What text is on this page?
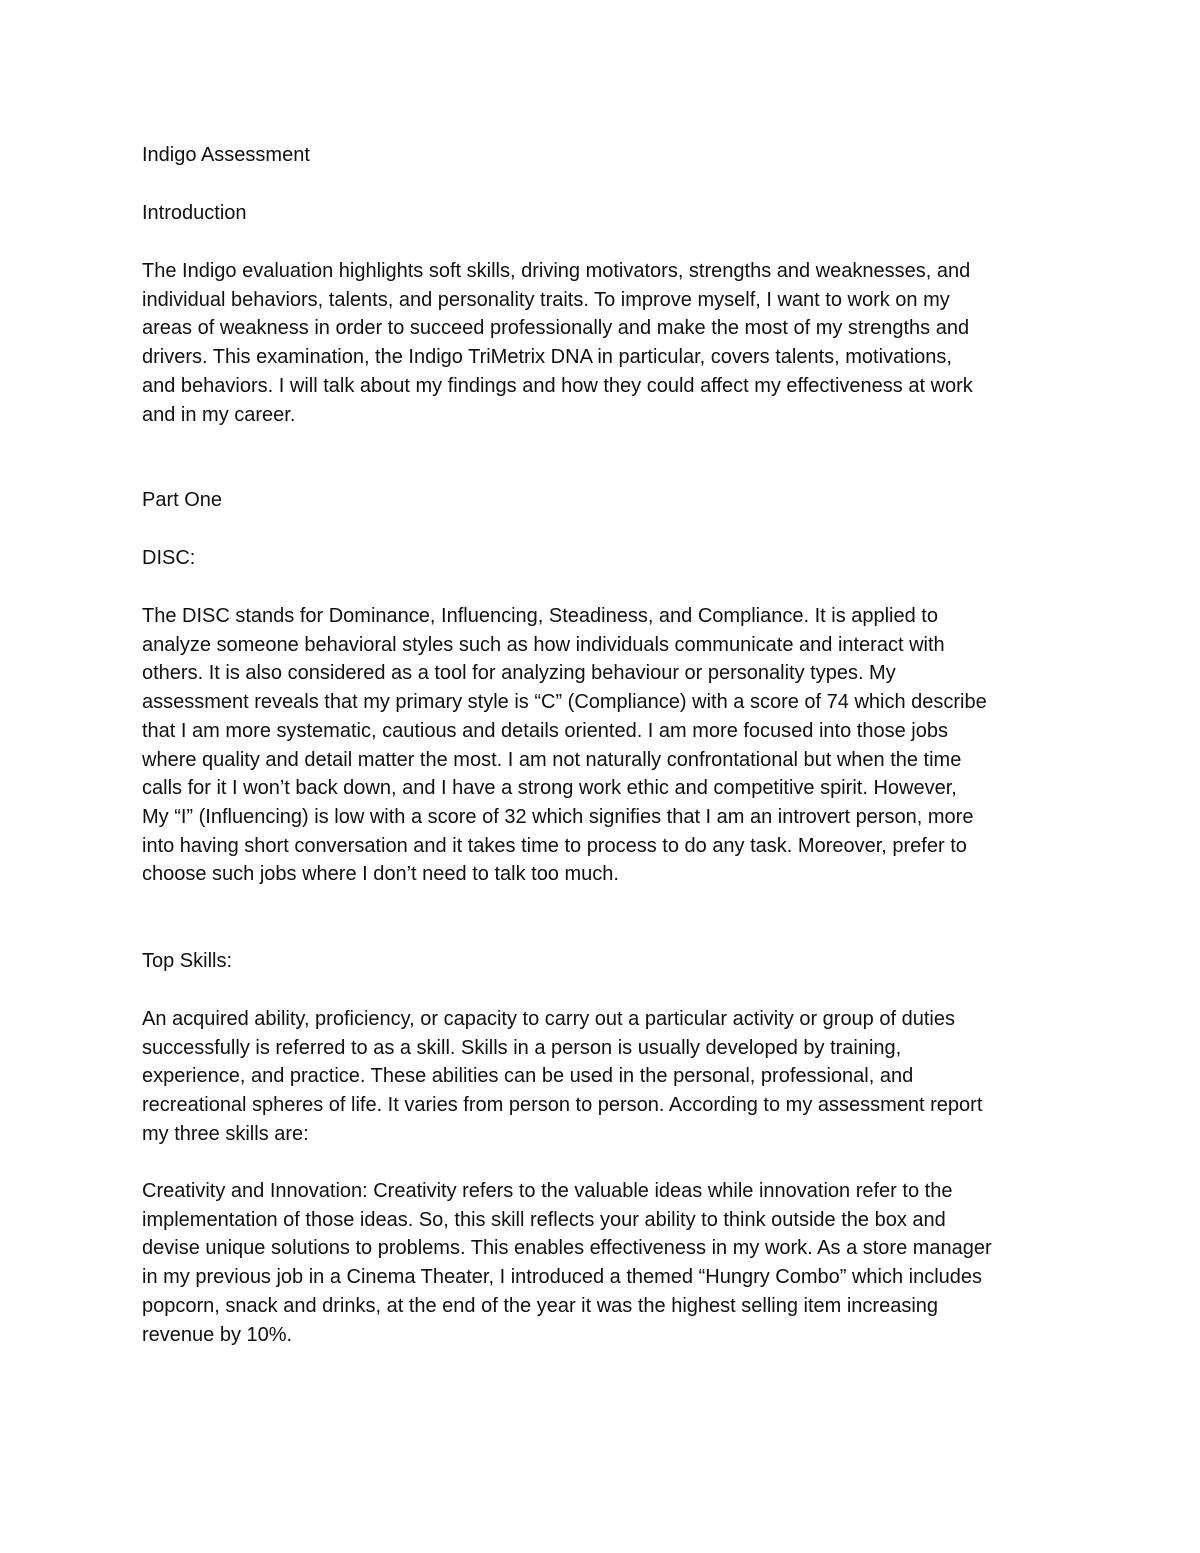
Indigo Assessment

Introduction

The Indigo evaluation highlights soft skills, driving motivators, strengths and weaknesses, and
individual behaviors, talents, and personality traits. To improve myself, I want to work on my
areas of weakness in order to succeed professionally and make the most of my strengths and
drivers. This examination, the Indigo TriMetrix DNA in particular, covers talents, motivations,
and behaviors. I will talk about my findings and how they could affect my effectiveness at work
and in my career.

Part One

DISC:

The DISC stands for Dominance, Influencing, Steadiness, and Compliance. It is applied to
analyze someone behavioral styles such as how individuals communicate and interact with
others. It is also considered as a tool for analyzing behaviour or personality types. My
assessment reveals that my primary style is “C” (Compliance) with a score of 74 which describe
that I am more systematic, cautious and details oriented. I am more focused into those jobs
where quality and detail matter the most. I am not naturally confrontational but when the time
calls for it I won’t back down, and I have a strong work ethic and competitive spirit. However,
My “I” (Influencing) is low with a score of 32 which signifies that I am an introvert person, more
into having short conversation and it takes time to process to do any task. Moreover, prefer to
choose such jobs where I don’t need to talk too much.

Top Skills:

An acquired ability, proficiency, or capacity to carry out a particular activity or group of duties
successfully is referred to as a skill. Skills in a person is usually developed by training,
experience, and practice. These abilities can be used in the personal, professional, and
recreational spheres of life. It varies from person to person. According to my assessment report
my three skills are:
Creativity and Innovation: Creativity refers to the valuable ideas while innovation refer to the
implementation of those ideas. So, this skill reflects your ability to think outside the box and
devise unique solutions to problems. This enables effectiveness in my work. As a store manager
in my previous job in a Cinema Theater, I introduced a themed “Hungry Combo” which includes
popcorn, snack and drinks, at the end of the year it was the highest selling item increasing
revenue by 10%.
